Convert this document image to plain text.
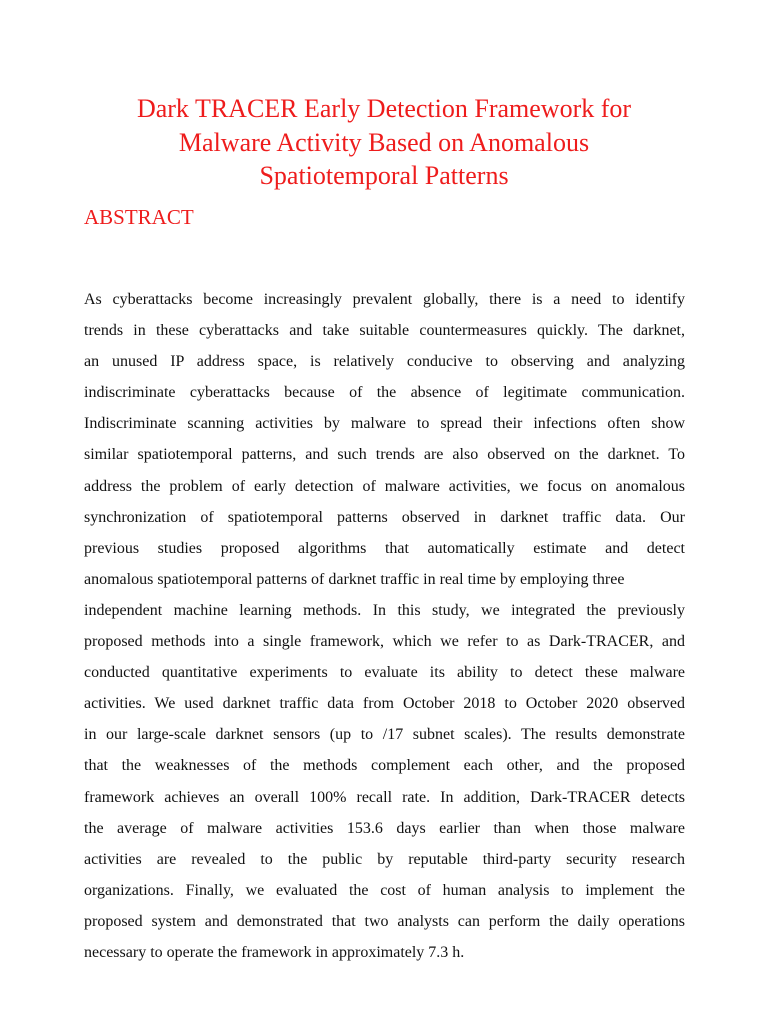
Dark TRACER Early Detection Framework for
Malware Activity Based on Anomalous
Spatiotemporal Patterns
ABSTRACT

As cyberattacks become increasingly prevalent globally, there is a need to identify
trends in these cyberattacks and take suitable countermeasures quickly. The darknet,
an unused IP address space, is relatively conducive to observing and analyzing
indiscriminate cyberattacks because of the absence of legitimate communication.
Indiscriminate scanning activities by malware to spread their infections often show
similar spatiotemporal patterns, and such trends are also observed on the darknet. To
address the problem of early detection of malware activities, we focus on anomalous
synchronization of spatiotemporal patterns observed in darknet traffic data. Our
previous studies proposed algorithms that automatically estimate and detect
anomalous spatiotemporal patterns of darknet traffic in real time by employing three
independent machine learning methods. In this study, we integrated the previously
proposed methods into a single framework, which we refer to as Dark-TRACER, and
conducted quantitative experiments to evaluate its ability to detect these malware
activities. We used darknet traffic data from October 2018 to October 2020 observed
in our large-scale darknet sensors (up to /17 subnet scales). The results demonstrate
that the weaknesses of the methods complement each other, and the proposed
framework achieves an overall 100% recall rate. In addition, Dark-TRACER detects
the average of malware activities 153.6 days earlier than when those malware
activities are revealed to the public by reputable third-party security research
organizations. Finally, we evaluated the cost of human analysis to implement the
proposed system and demonstrated that two analysts can perform the daily operations
necessary to operate the framework in approximately 7.3 h.
